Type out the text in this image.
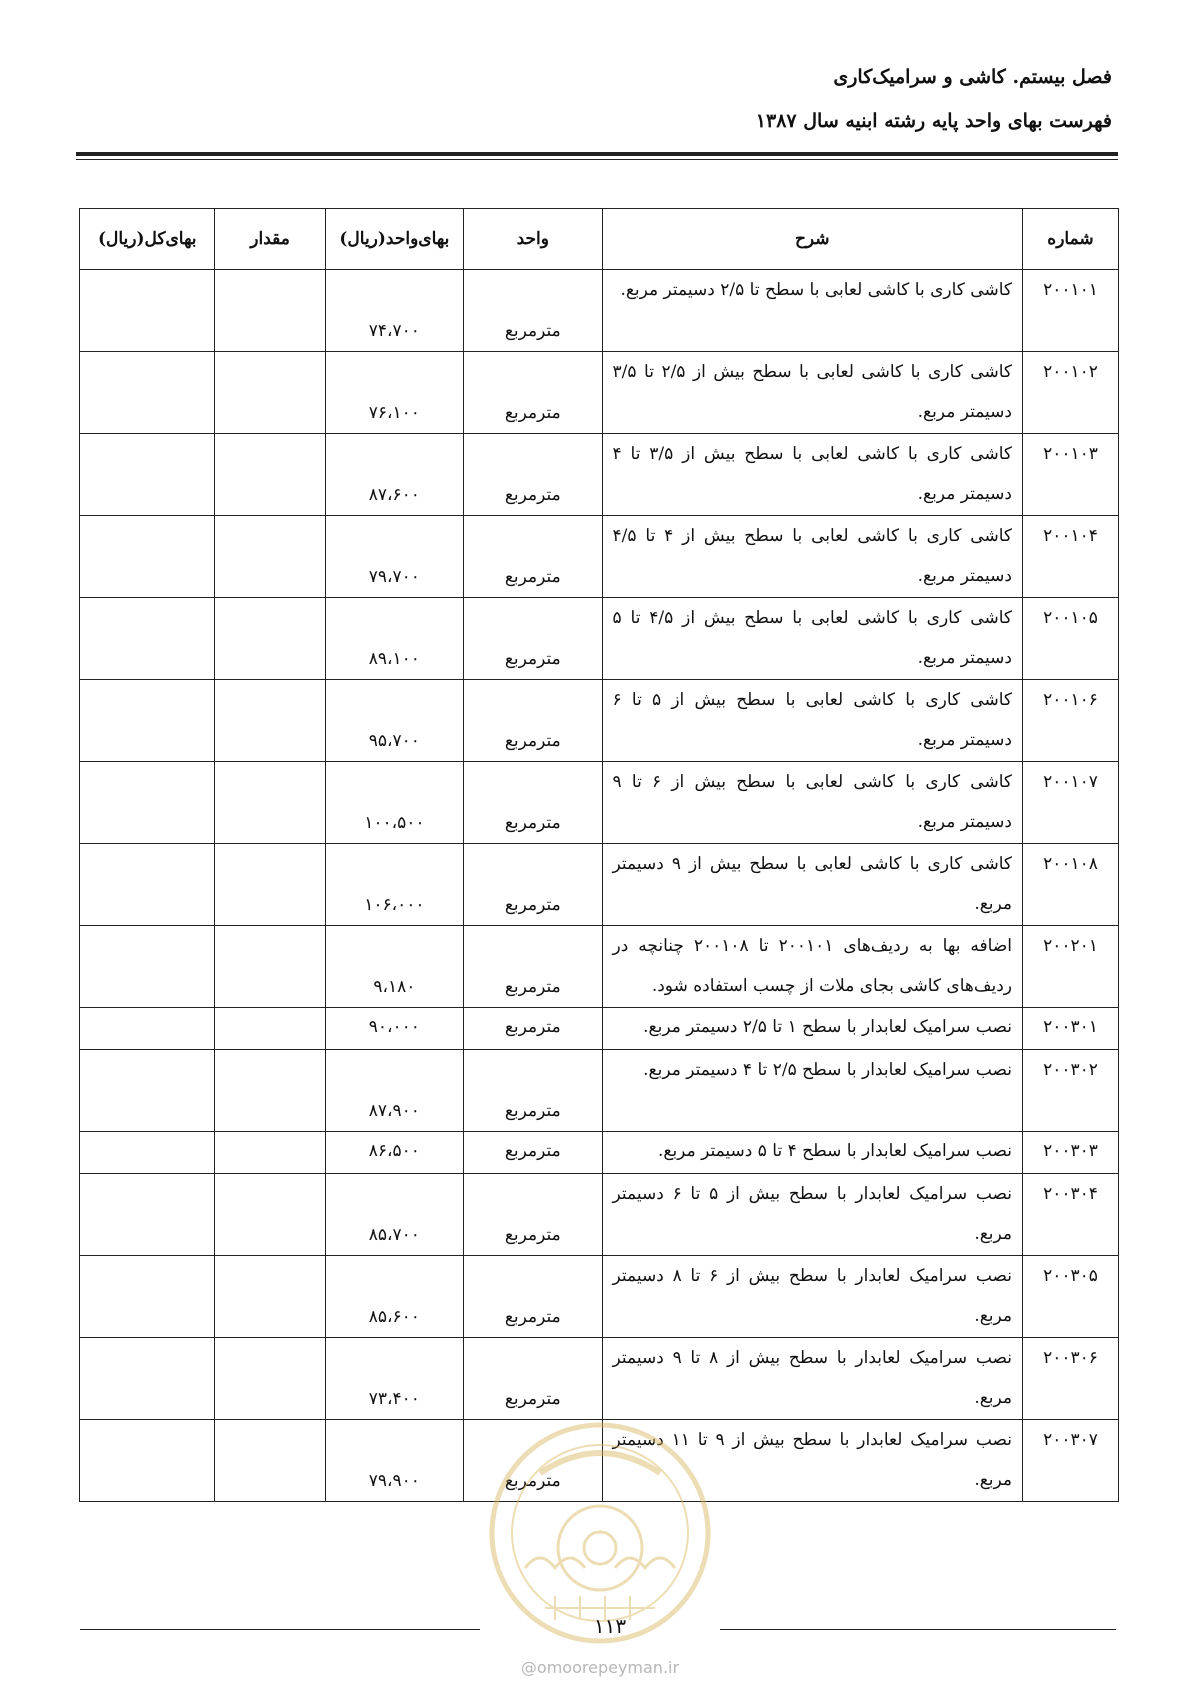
فصل بیستم. کاشی و سرامیک‌کاری
فهرست بهای واحد پایه رشته ابنیه سال ۱۳۸۷
شماره	شرح	واحد	بهای‌واحد(ریال)	مقدار	بهای‌کل(ریال)
۲۰۰۱۰۱	کاشی کاری با کاشی لعابی با سطح تا ۲/۵ دسیمتر مربع.	مترمربع	۷۴،۷۰۰		
۲۰۰۱۰۲	کاشی کاری با کاشی لعابی با سطح بیش از ۲/۵ تا ۳/۵ دسیمتر مربع.	مترمربع	۷۶،۱۰۰		
۲۰۰۱۰۳	کاشی کاری با کاشی لعابی با سطح بیش از ۳/۵ تا ۴ دسیمتر مربع.	مترمربع	۸۷،۶۰۰		
۲۰۰۱۰۴	کاشی کاری با کاشی لعابی با سطح بیش از ۴ تا ۴/۵ دسیمتر مربع.	مترمربع	۷۹،۷۰۰		
۲۰۰۱۰۵	کاشی کاری با کاشی لعابی با سطح بیش از ۴/۵ تا ۵ دسیمتر مربع.	مترمربع	۸۹،۱۰۰		
۲۰۰۱۰۶	کاشی کاری با کاشی لعابی با سطح بیش از ۵ تا ۶ دسیمتر مربع.	مترمربع	۹۵،۷۰۰		
۲۰۰۱۰۷	کاشی کاری با کاشی لعابی با سطح بیش از ۶ تا ۹ دسیمتر مربع.	مترمربع	۱۰۰،۵۰۰		
۲۰۰۱۰۸	کاشی کاری با کاشی لعابی با سطح بیش از ۹ دسیمتر مربع.	مترمربع	۱۰۶،۰۰۰		
۲۰۰۲۰۱	اضافه بها به ردیف‌های ۲۰۰۱۰۱ تا ۲۰۰۱۰۸ چنانچه در ردیف‌های کاشی بجای ملات از چسب استفاده شود.	مترمربع	۹،۱۸۰		
۲۰۰۳۰۱	نصب سرامیک لعابدار با سطح ۱ تا ۲/۵ دسیمتر مربع.	مترمربع	۹۰،۰۰۰		
۲۰۰۳۰۲	نصب سرامیک لعابدار با سطح ۲/۵ تا ۴ دسیمتر مربع.	مترمربع	۸۷،۹۰۰		
۲۰۰۳۰۳	نصب سرامیک لعابدار با سطح ۴ تا ۵ دسیمتر مربع.	مترمربع	۸۶،۵۰۰		
۲۰۰۳۰۴	نصب سرامیک لعابدار با سطح بیش از ۵ تا ۶ دسیمتر مربع.	مترمربع	۸۵،۷۰۰		
۲۰۰۳۰۵	نصب سرامیک لعابدار با سطح بیش از ۶ تا ۸ دسیمتر مربع.	مترمربع	۸۵،۶۰۰		
۲۰۰۳۰۶	نصب سرامیک لعابدار با سطح بیش از ۸ تا ۹ دسیمتر مربع.	مترمربع	۷۳،۴۰۰		
۲۰۰۳۰۷	نصب سرامیک لعابدار با سطح بیش از ۹ تا ۱۱ دسیمتر مربع.	مترمربع	۷۹،۹۰۰		
۱۱۳
@omoorepeyman.ir
